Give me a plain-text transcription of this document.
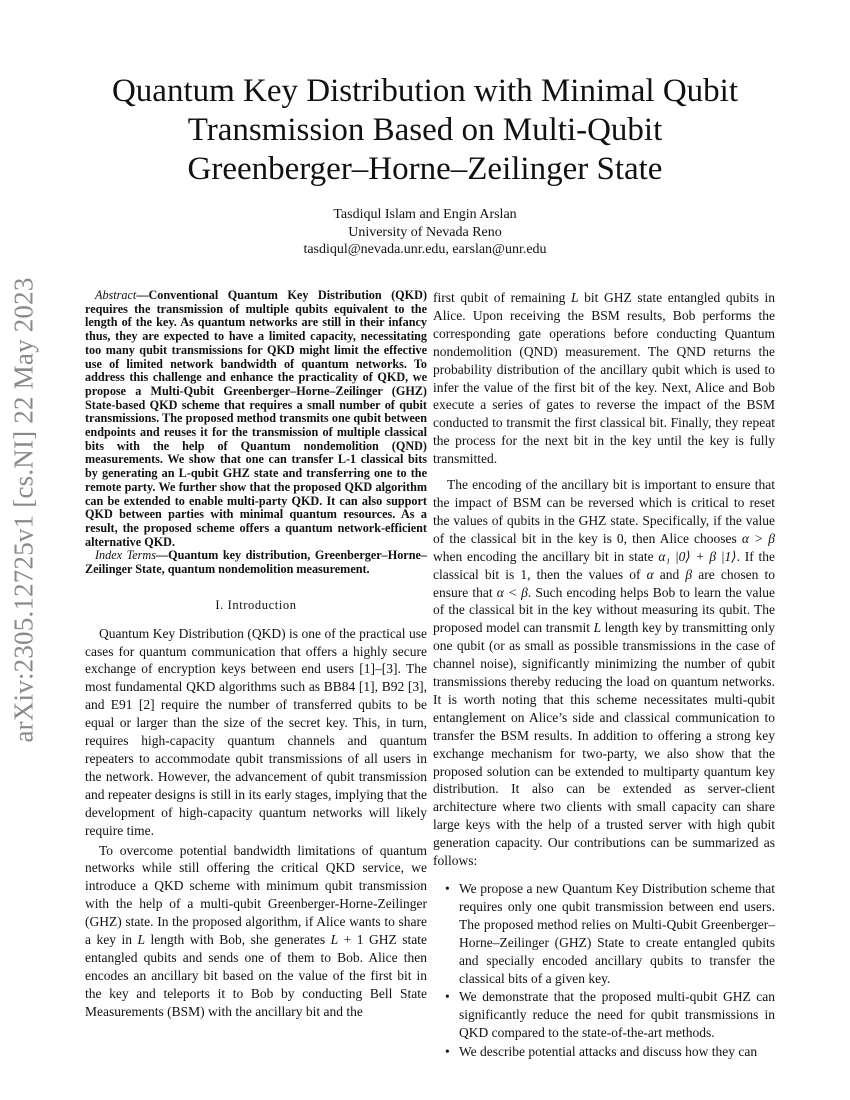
arXiv:2305.12725v1 [cs.NI] 22 May 2023
Quantum Key Distribution with Minimal Qubit
Transmission Based on Multi-Qubit
Greenberger–Horne–Zeilinger State
Tasdiqul Islam and Engin Arslan
University of Nevada Reno
tasdiqul@nevada.unr.edu, earslan@unr.edu

Abstract—Conventional Quantum Key Distribution (QKD) requires the transmission of multiple qubits equivalent to the length of the key. As quantum networks are still in their infancy thus, they are expected to have a limited capacity, necessitating too many qubit transmissions for QKD might limit the effective use of limited network bandwidth of quantum networks. To address this challenge and enhance the practicality of QKD, we propose a Multi-Qubit Greenberger–Horne–Zeilinger (GHZ) State-based QKD scheme that requires a small number of qubit transmissions. The proposed method transmits one qubit between endpoints and reuses it for the transmission of multiple classical bits with the help of Quantum nondemolition (QND) measurements. We show that one can transfer L-1 classical bits by generating an L-qubit GHZ state and transferring one to the remote party. We further show that the proposed QKD algorithm can be extended to enable multi-party QKD. It can also support QKD between parties with minimal quantum resources. As a result, the proposed scheme offers a quantum network-efficient alternative QKD.

Index Terms—Quantum key distribution, Greenberger–Horne–Zeilinger State, quantum nondemolition measurement.

I. Introduction

Quantum Key Distribution (QKD) is one of the practical use cases for quantum communication that offers a highly secure exchange of encryption keys between end users [1]–[3]. The most fundamental QKD algorithms such as BB84 [1], B92 [3], and E91 [2] require the number of transferred qubits to be equal or larger than the size of the secret key. This, in turn, requires high-capacity quantum channels and quantum repeaters to accommodate qubit transmissions of all users in the network. However, the advancement of qubit transmission and repeater designs is still in its early stages, implying that the development of high-capacity quantum networks will likely require time.

To overcome potential bandwidth limitations of quantum networks while still offering the critical QKD service, we introduce a QKD scheme with minimum qubit transmission with the help of a multi-qubit Greenberger-Horne-Zeilinger (GHZ) state. In the proposed algorithm, if Alice wants to share a key in L length with Bob, she generates L + 1 GHZ state entangled qubits and sends one of them to Bob. Alice then encodes an ancillary bit based on the value of the first bit in the key and teleports it to Bob by conducting Bell State Measurements (BSM) with the ancillary bit and the

first qubit of remaining L bit GHZ state entangled qubits in Alice. Upon receiving the BSM results, Bob performs the corresponding gate operations before conducting Quantum nondemolition (QND) measurement. The QND returns the probability distribution of the ancillary qubit which is used to infer the value of the first bit of the key. Next, Alice and Bob execute a series of gates to reverse the impact of the BSM conducted to transmit the first classical bit. Finally, they repeat the process for the next bit in the key until the key is fully transmitted.

The encoding of the ancillary bit is important to ensure that the impact of BSM can be reversed which is critical to reset the values of qubits in the GHZ state. Specifically, if the value of the classical bit in the key is 0, then Alice chooses α > β when encoding the ancillary bit in state α₁ |0⟩ + β |1⟩. If the classical bit is 1, then the values of α and β are chosen to ensure that α < β. Such encoding helps Bob to learn the value of the classical bit in the key without measuring its qubit. The proposed model can transmit L length key by transmitting only one qubit (or as small as possible transmissions in the case of channel noise), significantly minimizing the number of qubit transmissions thereby reducing the load on quantum networks. It is worth noting that this scheme necessitates multi-qubit entanglement on Alice’s side and classical communication to transfer the BSM results. In addition to offering a strong key exchange mechanism for two-party, we also show that the proposed solution can be extended to multiparty quantum key distribution. It also can be extended as server-client architecture where two clients with small capacity can share large keys with the help of a trusted server with high qubit generation capacity. Our contributions can be summarized as follows:

• We propose a new Quantum Key Distribution scheme that requires only one qubit transmission between end users. The proposed method relies on Multi-Qubit Greenberger–Horne–Zeilinger (GHZ) State to create entangled qubits and specially encoded ancillary qubits to transfer the classical bits of a given key.
• We demonstrate that the proposed multi-qubit GHZ can significantly reduce the need for qubit transmissions in QKD compared to the state-of-the-art methods.
• We describe potential attacks and discuss how they can
